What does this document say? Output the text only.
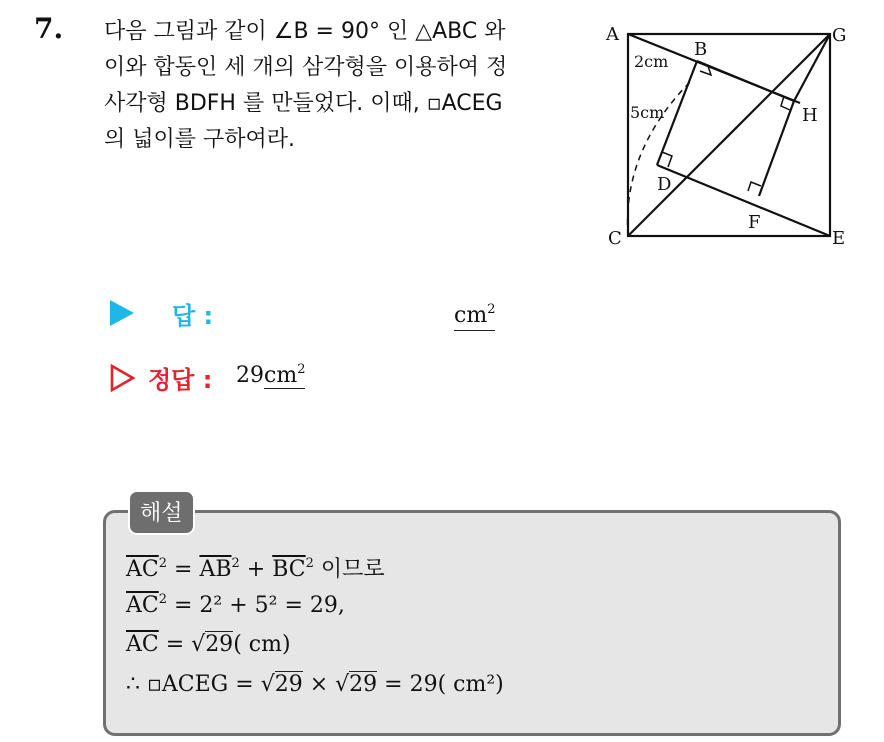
7. 다음 그림과 같이 ∠B = 90° 인 △ABC 와
이와 합동인 세 개의 삼각형을 이용하여 정
사각형 BDFH 를 만들었다. 이때, ▫ACEG
의 넓이를 구하여라.
A
B
G
H
C
D
F
E
2cm
5cm
답 :	$cm^2$
정답 : $29cm^2$
해설
$\overline{AC}^2 = \overline{AB}^2 + \overline{BC}^2$ 이므로
$\overline{AC}^2 = 2^2 + 5^2 = 29$,
$\overline{AC} = √29$( cm)
∴ ▫ACEG = √29 × √29 = 29( cm²)
